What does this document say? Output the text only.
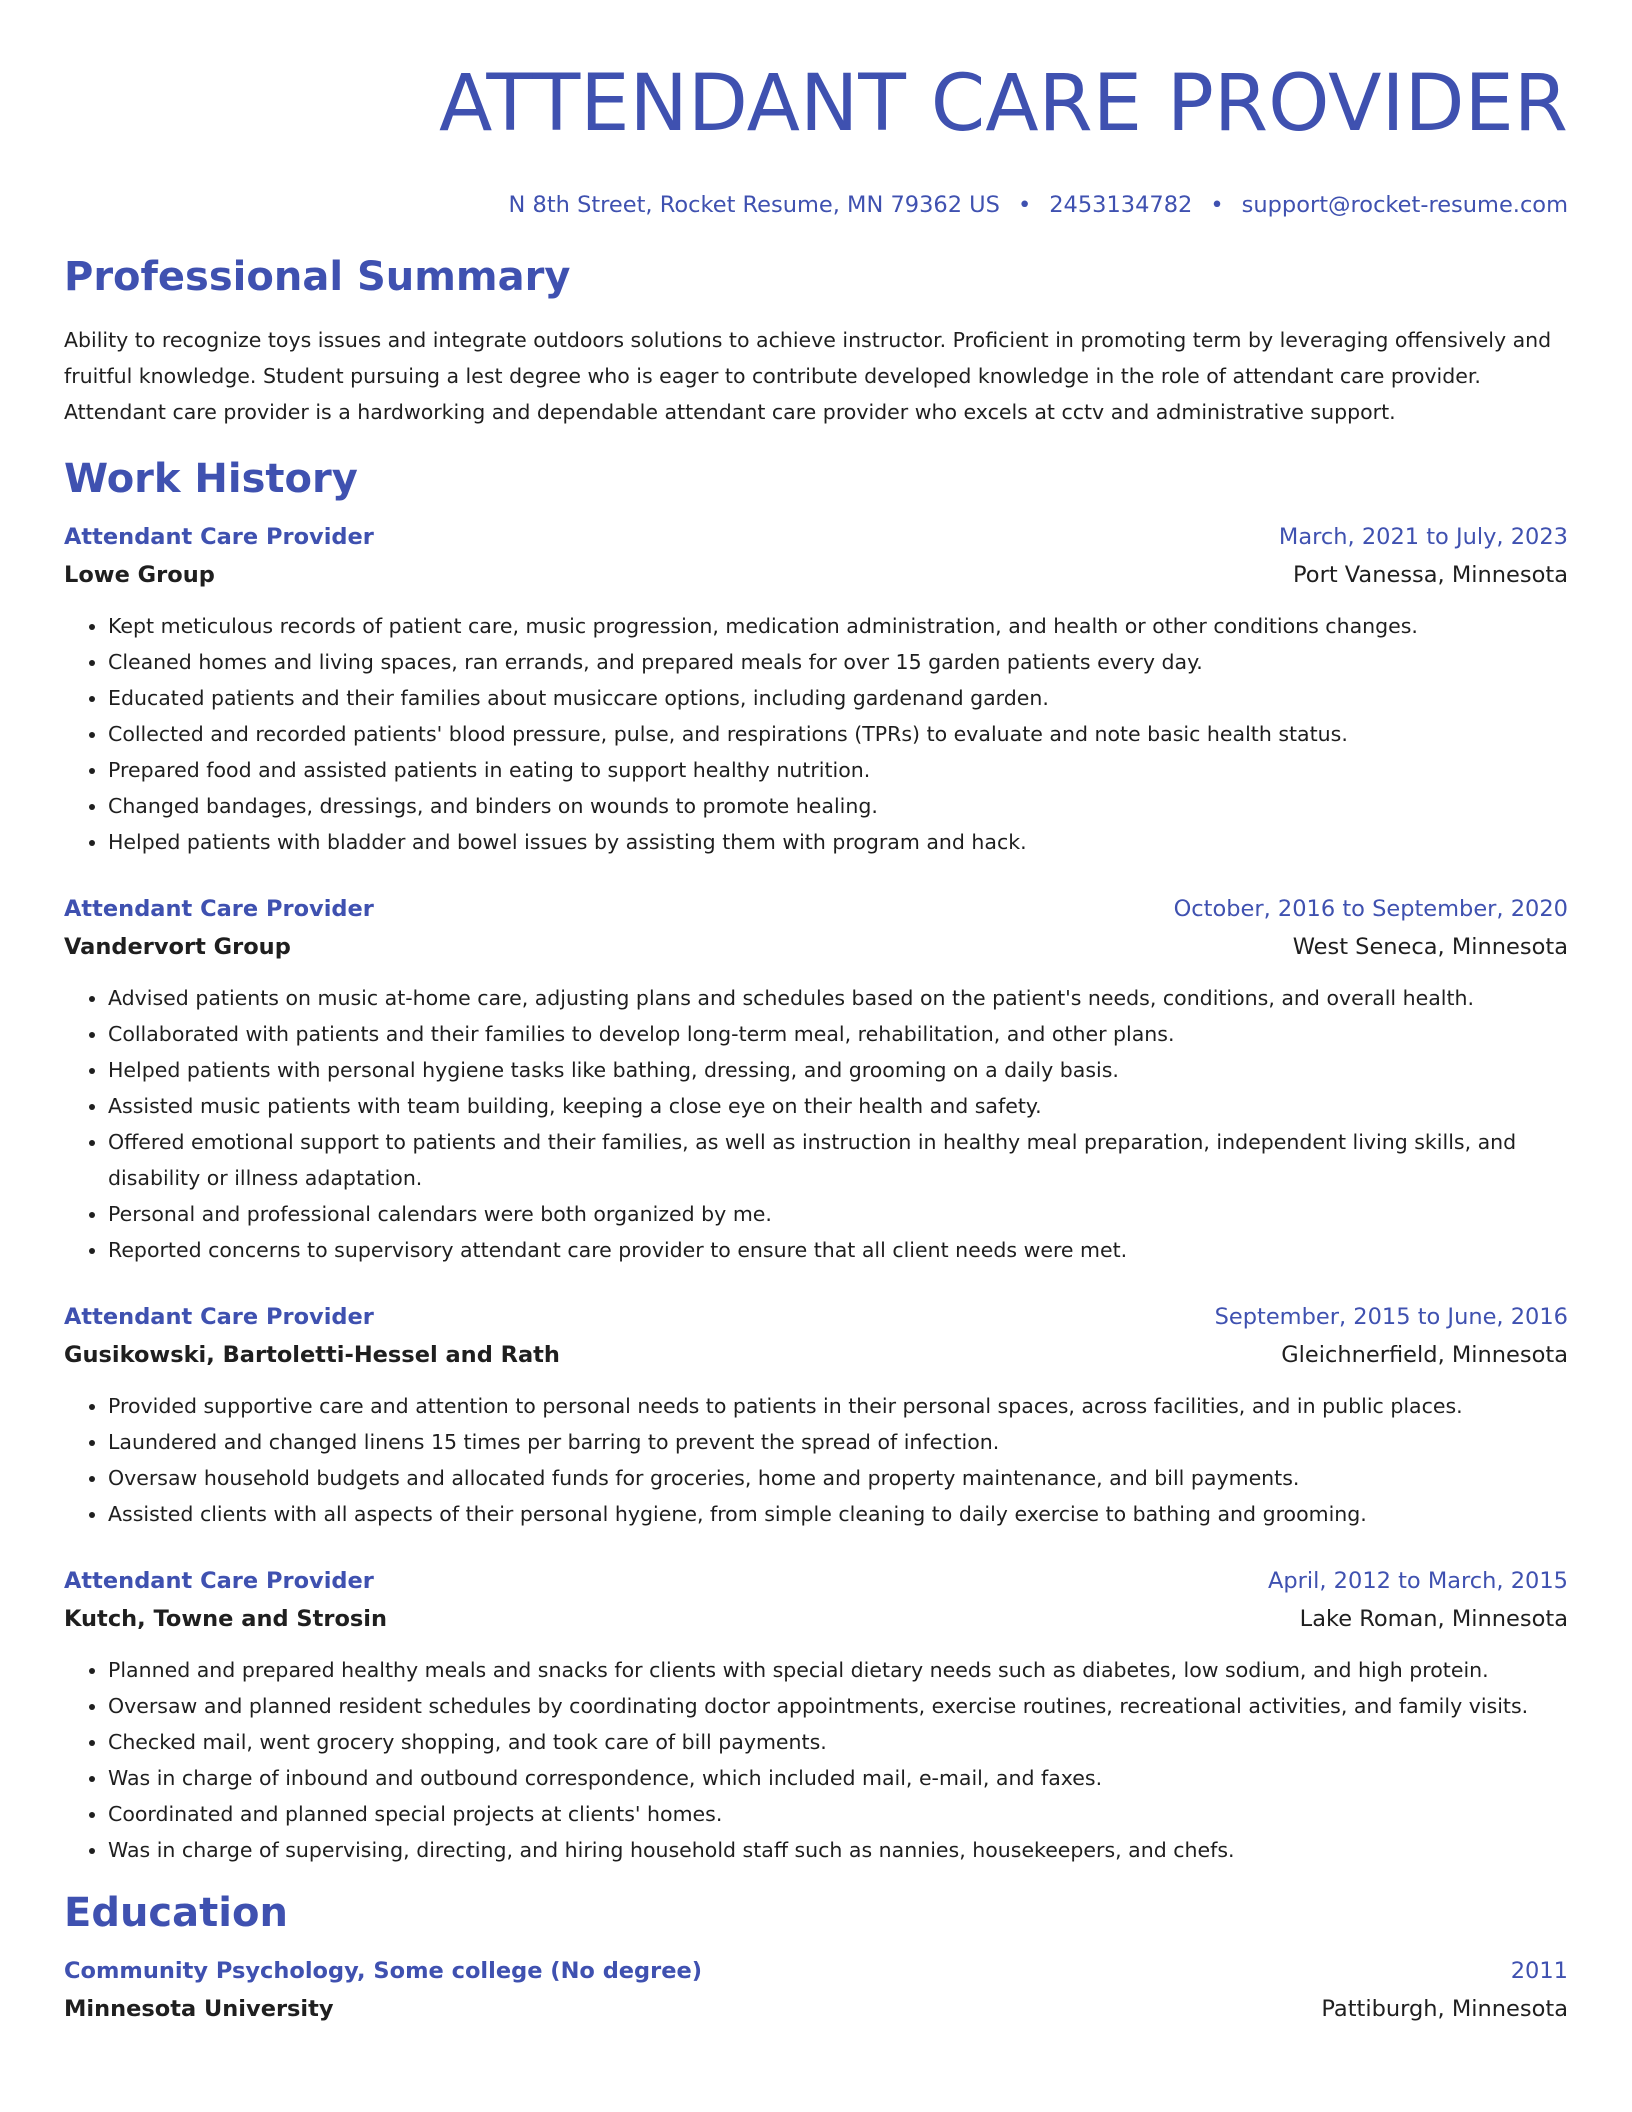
ATTENDANT CARE PROVIDER
N 8th Street, Rocket Resume, MN 79362 US • 2453134782 • support@rocket-resume.com
Professional Summary
Ability to recognize toys issues and integrate outdoors solutions to achieve instructor. Proficient in promoting term by leveraging offensively and fruitful knowledge. Student pursuing a lest degree who is eager to contribute developed knowledge in the role of attendant care provider. Attendant care provider is a hardworking and dependable attendant care provider who excels at cctv and administrative support.
Work History
Attendant Care Provider	March, 2021 to July, 2023
Lowe Group	Port Vanessa, Minnesota
• Kept meticulous records of patient care, music progression, medication administration, and health or other conditions changes.
• Cleaned homes and living spaces, ran errands, and prepared meals for over 15 garden patients every day.
• Educated patients and their families about musiccare options, including gardenand garden.
• Collected and recorded patients' blood pressure, pulse, and respirations (TPRs) to evaluate and note basic health status.
• Prepared food and assisted patients in eating to support healthy nutrition.
• Changed bandages, dressings, and binders on wounds to promote healing.
• Helped patients with bladder and bowel issues by assisting them with program and hack.
Attendant Care Provider	October, 2016 to September, 2020
Vandervort Group	West Seneca, Minnesota
• Advised patients on music at-home care, adjusting plans and schedules based on the patient's needs, conditions, and overall health.
• Collaborated with patients and their families to develop long-term meal, rehabilitation, and other plans.
• Helped patients with personal hygiene tasks like bathing, dressing, and grooming on a daily basis.
• Assisted music patients with team building, keeping a close eye on their health and safety.
• Offered emotional support to patients and their families, as well as instruction in healthy meal preparation, independent living skills, and disability or illness adaptation.
• Personal and professional calendars were both organized by me.
• Reported concerns to supervisory attendant care provider to ensure that all client needs were met.
Attendant Care Provider	September, 2015 to June, 2016
Gusikowski, Bartoletti-Hessel and Rath	Gleichnerfield, Minnesota
• Provided supportive care and attention to personal needs to patients in their personal spaces, across facilities, and in public places.
• Laundered and changed linens 15 times per barring to prevent the spread of infection.
• Oversaw household budgets and allocated funds for groceries, home and property maintenance, and bill payments.
• Assisted clients with all aspects of their personal hygiene, from simple cleaning to daily exercise to bathing and grooming.
Attendant Care Provider	April, 2012 to March, 2015
Kutch, Towne and Strosin	Lake Roman, Minnesota
• Planned and prepared healthy meals and snacks for clients with special dietary needs such as diabetes, low sodium, and high protein.
• Oversaw and planned resident schedules by coordinating doctor appointments, exercise routines, recreational activities, and family visits.
• Checked mail, went grocery shopping, and took care of bill payments.
• Was in charge of inbound and outbound correspondence, which included mail, e-mail, and faxes.
• Coordinated and planned special projects at clients' homes.
• Was in charge of supervising, directing, and hiring household staff such as nannies, housekeepers, and chefs.
Education
Community Psychology, Some college (No degree)	2011
Minnesota University	Pattiburgh, Minnesota
